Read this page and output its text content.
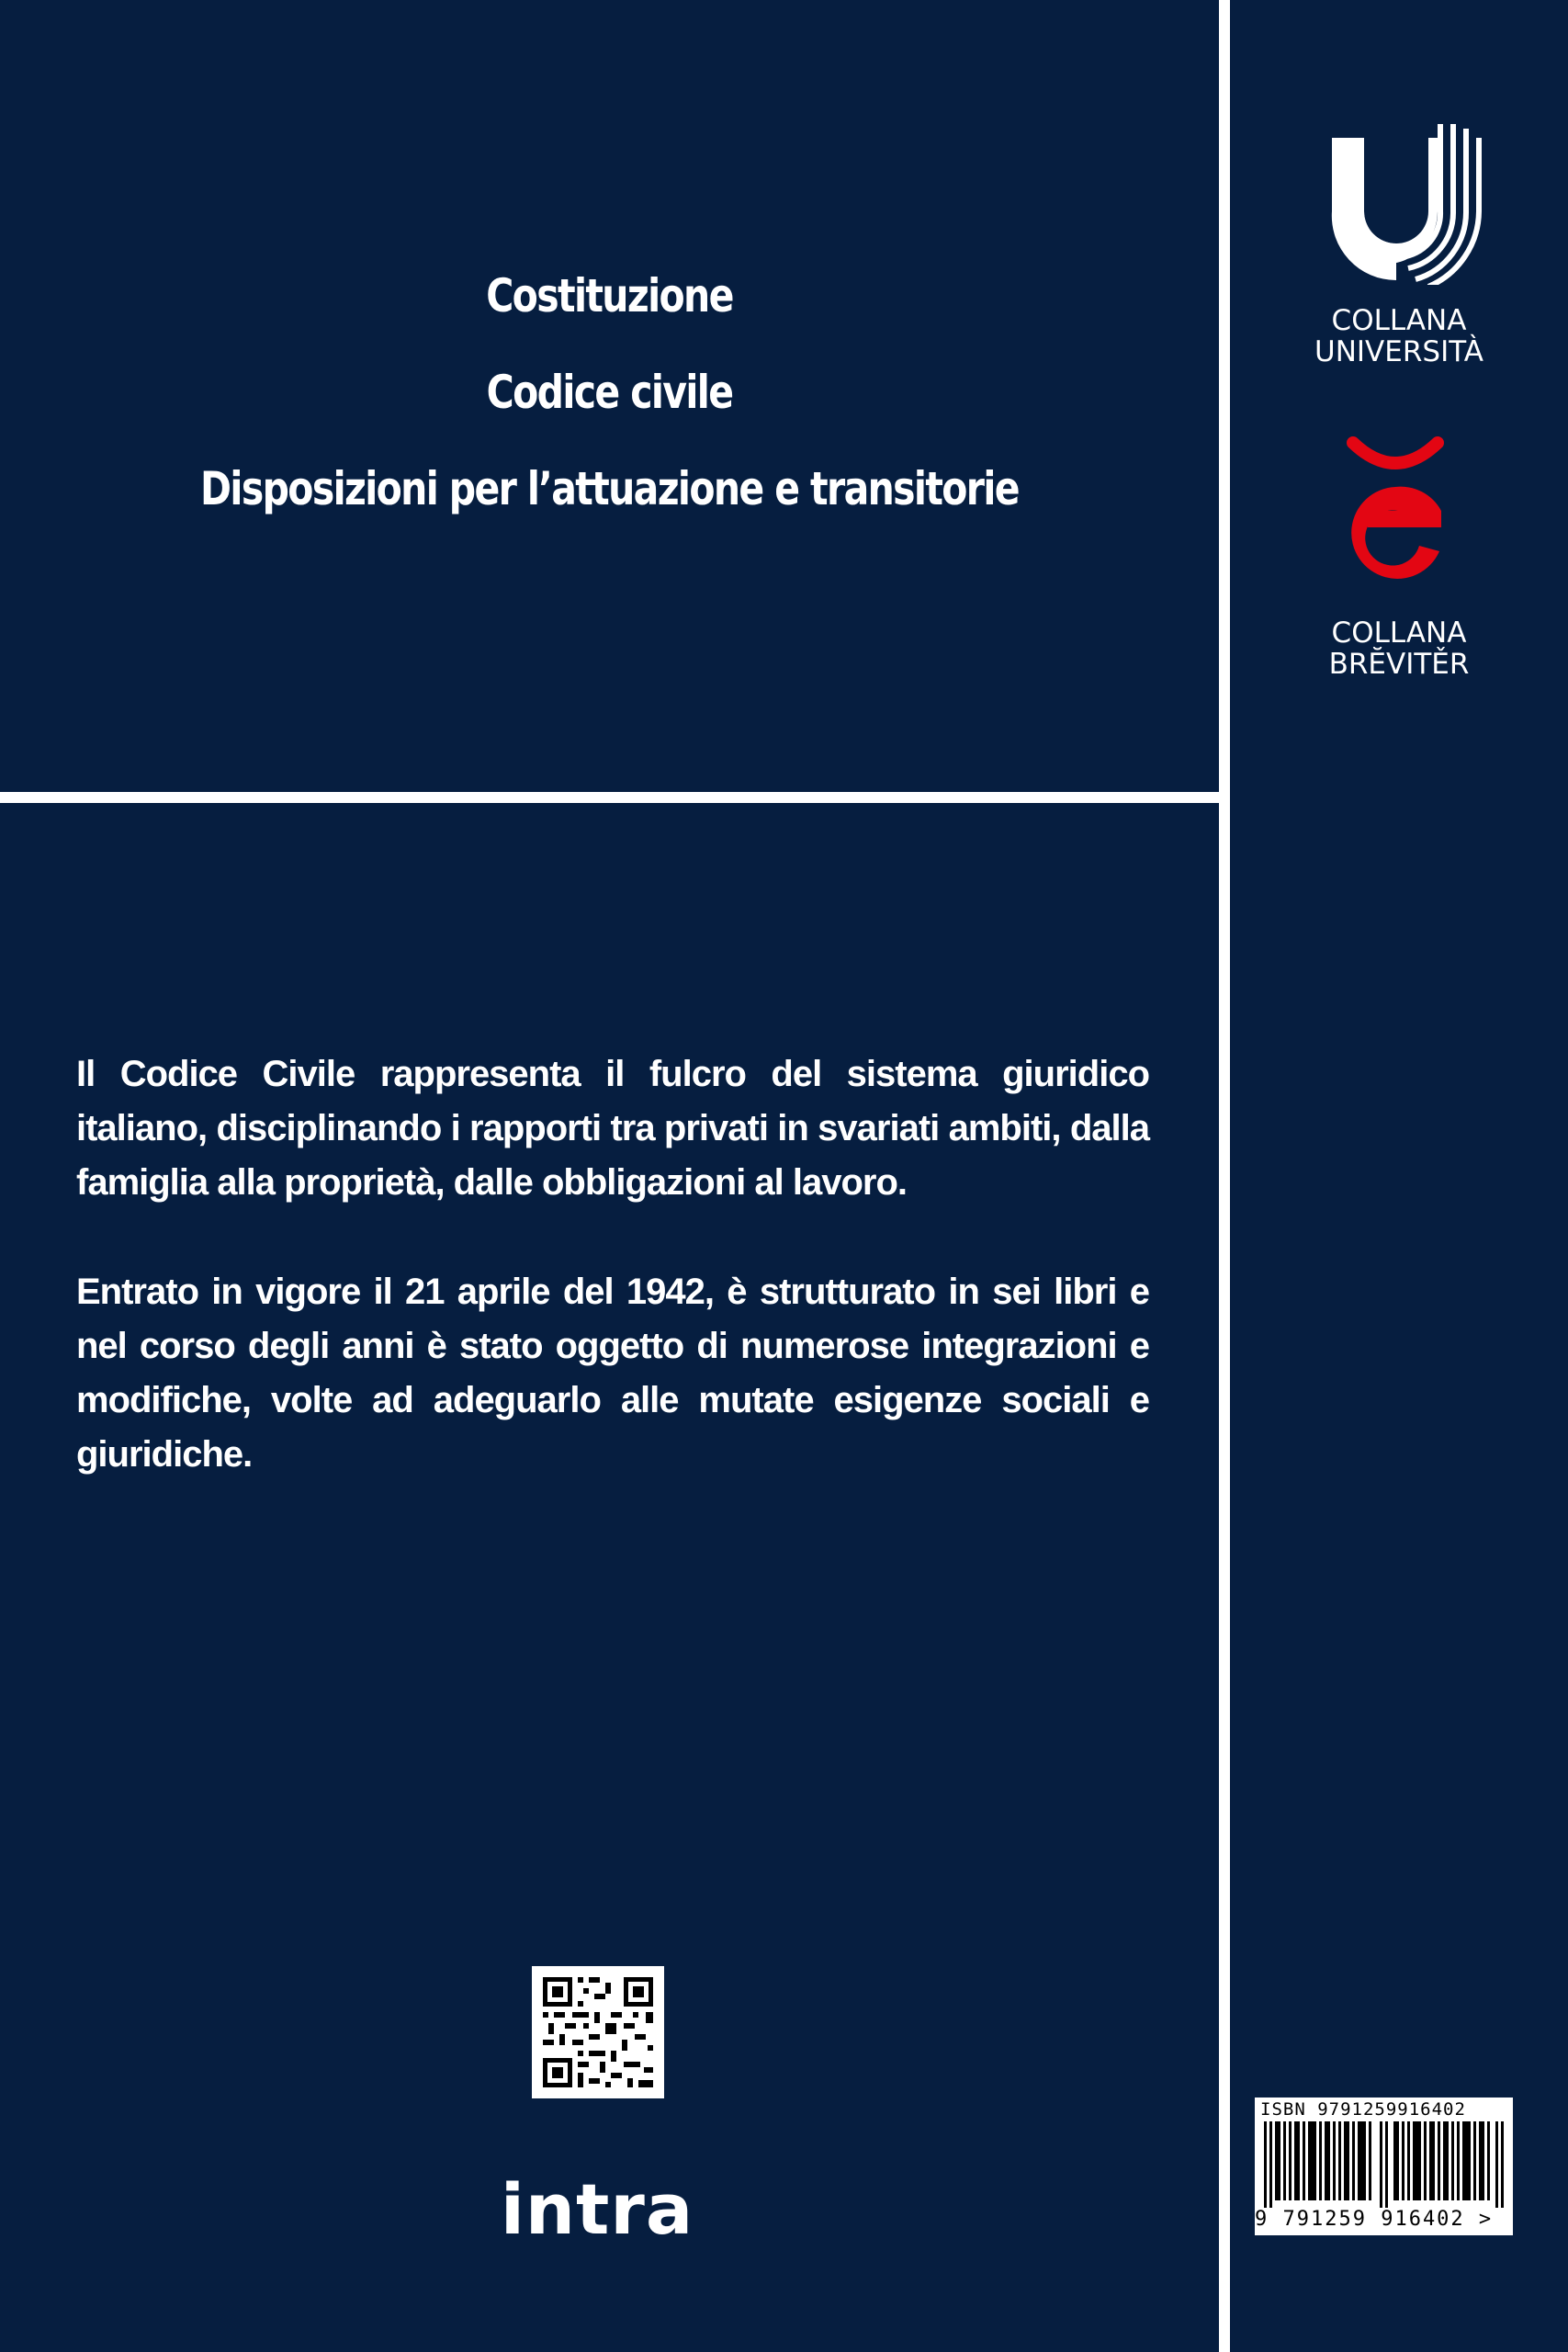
Costituzione
Codice civile
Disposizioni per l’attuazione e transitorie

Il Codice Civile rappresenta il fulcro del sistema giuridico italiano, disciplinando i rapporti tra privati in svariati ambiti, dalla famiglia alla proprietà, dalle obbligazioni al lavoro.

Entrato in vigore il 21 aprile del 1942, è strutturato in sei libri e nel corso degli anni è stato oggetto di numerose integrazioni e modifiche, volte ad adeguarlo alle mutate esigenze sociali e giuridiche.

intra
COLLANA
UNIVERSITÀ
COLLANA
BRĔVITĚR
ISBN 9791259916402
9 791259 916402 >
